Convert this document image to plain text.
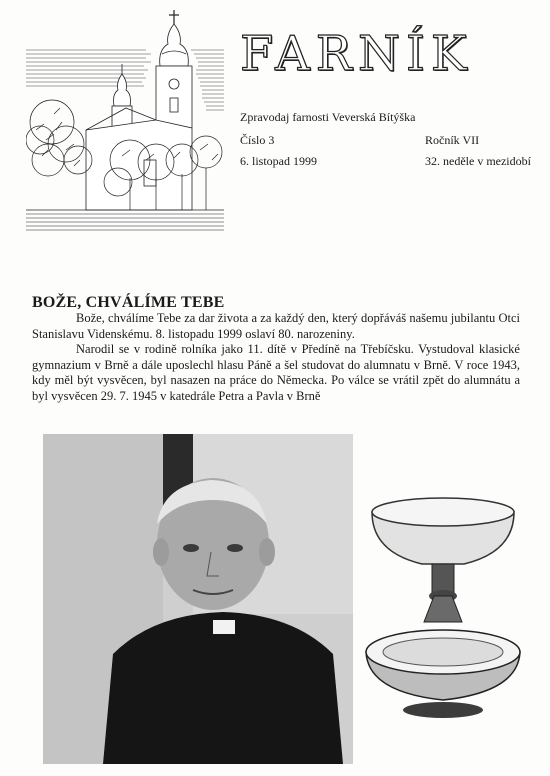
FARNÍK
Zpravodaj farnosti Veverská Bítýška
Číslo 3
6. listopad 1999
Ročník VII
32. neděle v mezidobí
BOŽE, CHVÁLÍME TEBE

Bože, chválíme Tebe za dar života a za každý den, který dopřáváš našemu jubilantu Otci Stanislavu Videnskému. 8. listopadu 1999 oslaví 80. narozeniny.

Narodil se v rodině rolníka jako 11. dítě v Předíně na Třebíčsku. Vystudoval klasické gymnazium v Brně a dále uposlechl hlasu Páně a šel studovat do alumnatu v Brně. V roce 1943, kdy měl být vysvěcen, byl nasazen na práce do Německa. Po válce se vrátil zpět do alumnátu a byl vysvěcen 29. 7. 1945 v katedrále Petra a Pavla v Brně
